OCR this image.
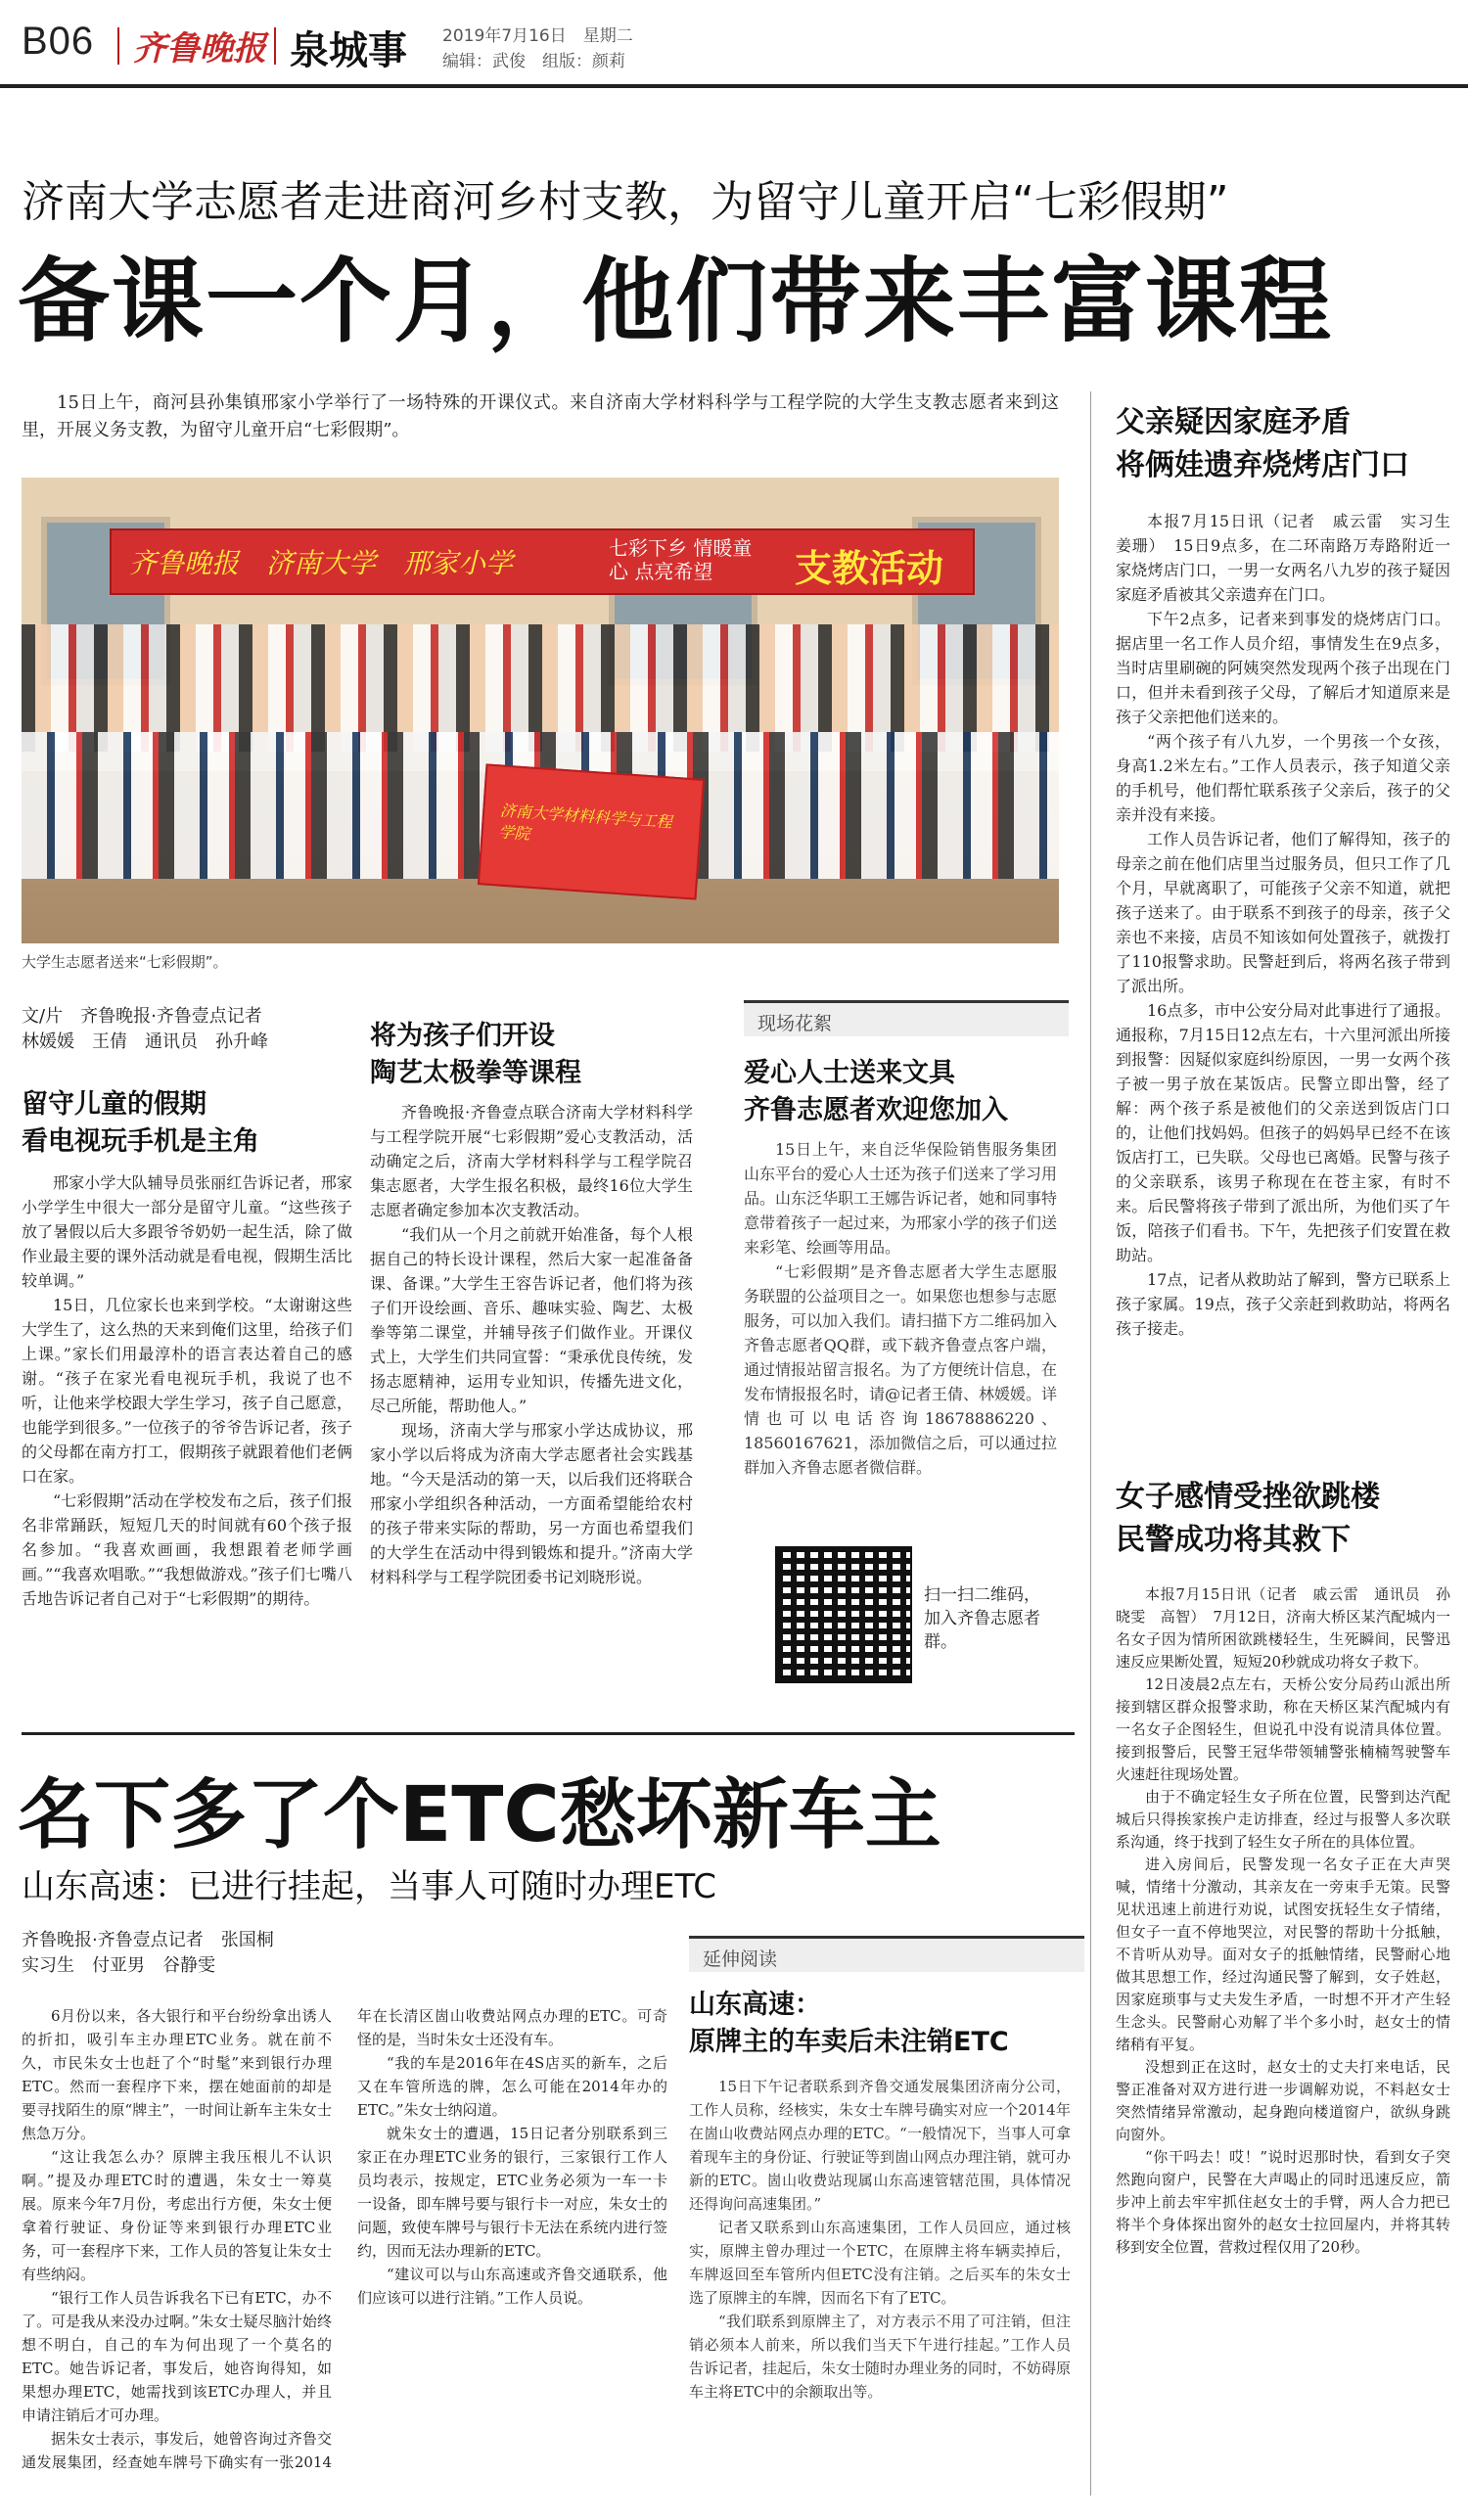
B06 齐鲁晚报 泉城事 2019年7月16日　星期二
编辑：武俊　组版：颜莉
济南大学志愿者走进商河乡村支教，为留守儿童开启“七彩假期”
备课一个月，他们带来丰富课程

15日上午，商河县孙集镇邢家小学举行了一场特殊的开课仪式。来自济南大学材料科学与工程学院的大学生支教志愿者来到这里，开展义务支教，为留守儿童开启“七彩假期”。

齐鲁晚报　济南大学　邢家小学	七彩下乡 情暖童心 点亮希望	支教活动
济南大学材料科学与工程学院
大学生志愿者送来“七彩假期”。
文/片　齐鲁晚报·齐鲁壹点记者
林媛媛　王倩　通讯员　孙升峰
留守儿童的假期
看电视玩手机是主角

邢家小学大队辅导员张丽红告诉记者，邢家小学学生中很大一部分是留守儿童。“这些孩子放了暑假以后大多跟爷爷奶奶一起生活，除了做作业最主要的课外活动就是看电视，假期生活比较单调。”

15日，几位家长也来到学校。“太谢谢这些大学生了，这么热的天来到俺们这里，给孩子们上课。”家长们用最淳朴的语言表达着自己的感谢。“孩子在家光看电视玩手机，我说了也不听，让他来学校跟大学生学习，孩子自己愿意，也能学到很多。”一位孩子的爷爷告诉记者，孩子的父母都在南方打工，假期孩子就跟着他们老俩口在家。

“七彩假期”活动在学校发布之后，孩子们报名非常踊跃，短短几天的时间就有60个孩子报名参加。“我喜欢画画，我想跟着老师学画画。”“我喜欢唱歌。”“我想做游戏。”孩子们七嘴八舌地告诉记者自己对于“七彩假期”的期待。

将为孩子们开设
陶艺太极拳等课程

齐鲁晚报·齐鲁壹点联合济南大学材料科学与工程学院开展“七彩假期”爱心支教活动，活动确定之后，济南大学材料科学与工程学院召集志愿者，大学生报名积极，最终16位大学生志愿者确定参加本次支教活动。

“我们从一个月之前就开始准备，每个人根据自己的特长设计课程，然后大家一起准备备课、备课。”大学生王容告诉记者，他们将为孩子们开设绘画、音乐、趣味实验、陶艺、太极拳等第二课堂，并辅导孩子们做作业。开课仪式上，大学生们共同宣誓：“秉承优良传统，发扬志愿精神，运用专业知识，传播先进文化，尽己所能，帮助他人。”

现场，济南大学与邢家小学达成协议，邢家小学以后将成为济南大学志愿者社会实践基地。“今天是活动的第一天，以后我们还将联合邢家小学组织各种活动，一方面希望能给农村的孩子带来实际的帮助，另一方面也希望我们的大学生在活动中得到锻炼和提升。”济南大学材料科学与工程学院团委书记刘晓形说。

现场花絮
爱心人士送来文具
齐鲁志愿者欢迎您加入

15日上午，来自泛华保险销售服务集团山东平台的爱心人士还为孩子们送来了学习用品。山东泛华职工王娜告诉记者，她和同事特意带着孩子一起过来，为邢家小学的孩子们送来彩笔、绘画等用品。

“七彩假期”是齐鲁志愿者大学生志愿服务联盟的公益项目之一。如果您也想参与志愿服务，可以加入我们。请扫描下方二维码加入齐鲁志愿者QQ群，或下载齐鲁壹点客户端，通过情报站留言报名。为了方便统计信息，在发布情报报名时，请@记者王倩、林媛媛。详情也可以电话咨询18678886220、18560167621，添加微信之后，可以通过拉群加入齐鲁志愿者微信群。

扫一扫二维码，加入齐鲁志愿者群。
父亲疑因家庭矛盾
将俩娃遗弃烧烤店门口

本报7月15日讯（记者　戚云雷　实习生　姜珊）　15日9点多，在二环南路万寿路附近一家烧烤店门口，一男一女两名八九岁的孩子疑因家庭矛盾被其父亲遗弃在门口。

下午2点多，记者来到事发的烧烤店门口。据店里一名工作人员介绍，事情发生在9点多，当时店里刷碗的阿姨突然发现两个孩子出现在门口，但并未看到孩子父母，了解后才知道原来是孩子父亲把他们送来的。

“两个孩子有八九岁，一个男孩一个女孩，身高1.2米左右。”工作人员表示，孩子知道父亲的手机号，他们帮忙联系孩子父亲后，孩子的父亲并没有来接。

工作人员告诉记者，他们了解得知，孩子的母亲之前在他们店里当过服务员，但只工作了几个月，早就离职了，可能孩子父亲不知道，就把孩子送来了。由于联系不到孩子的母亲，孩子父亲也不来接，店员不知该如何处置孩子，就拨打了110报警求助。民警赶到后，将两名孩子带到了派出所。

16点多，市中公安分局对此事进行了通报。通报称，7月15日12点左右，十六里河派出所接到报警：因疑似家庭纠纷原因，一男一女两个孩子被一男子放在某饭店。民警立即出警，经了解：两个孩子系是被他们的父亲送到饭店门口的，让他们找妈妈。但孩子的妈妈早已经不在该饭店打工，已失联。父母也已离婚。民警与孩子的父亲联系，该男子称现在在苍主家，有时不来。后民警将孩子带到了派出所，为他们买了午饭，陪孩子们看书。下午，先把孩子们安置在救助站。

17点，记者从救助站了解到，警方已联系上孩子家属。19点，孩子父亲赶到救助站，将两名孩子接走。

女子感情受挫欲跳楼
民警成功将其救下

本报7月15日讯（记者　戚云雷　通讯员　孙晓雯　高智）　7月12日，济南大桥区某汽配城内一名女子因为情所困欲跳楼轻生，生死瞬间，民警迅速反应果断处置，短短20秒就成功将女子救下。

12日凌晨2点左右，天桥公安分局药山派出所接到辖区群众报警求助，称在天桥区某汽配城内有一名女子企图轻生，但说孔中没有说清具体位置。接到报警后，民警王冠华带领辅警张楠楠驾驶警车火速赶往现场处置。

由于不确定轻生女子所在位置，民警到达汽配城后只得挨家挨户走访排查，经过与报警人多次联系沟通，终于找到了轻生女子所在的具体位置。

进入房间后，民警发现一名女子正在大声哭喊，情绪十分激动，其亲友在一旁束手无策。民警见状迅速上前进行劝说，试图安抚轻生女子情绪，但女子一直不停地哭泣，对民警的帮助十分抵触，不肯听从劝导。面对女子的抵触情绪，民警耐心地做其思想工作，经过沟通民警了解到，女子姓赵，因家庭琐事与丈夫发生矛盾，一时想不开才产生轻生念头。民警耐心劝解了半个多小时，赵女士的情绪稍有平复。

没想到正在这时，赵女士的丈夫打来电话，民警正准备对双方进行进一步调解劝说，不料赵女士突然情绪异常激动，起身跑向楼道窗户，欲纵身跳向窗外。

“你干吗去！哎！”说时迟那时快，看到女子突然跑向窗户，民警在大声喝止的同时迅速反应，箭步冲上前去牢牢抓住赵女士的手臂，两人合力把已将半个身体探出窗外的赵女士拉回屋内，并将其转移到安全位置，营救过程仅用了20秒。

名下多了个ETC愁坏新车主
山东高速：已进行挂起，当事人可随时办理ETC
齐鲁晚报·齐鲁壹点记者　张国桐
实习生　付亚男　谷静雯

6月份以来，各大银行和平台纷纷拿出诱人的折扣，吸引车主办理ETC业务。就在前不久，市民朱女士也赶了个“时髦”来到银行办理ETC。然而一套程序下来，摆在她面前的却是要寻找陌生的原“牌主”，一时间让新车主朱女士焦急万分。

“这让我怎么办？原牌主我压根儿不认识啊。”提及办理ETC时的遭遇，朱女士一筹莫展。原来今年7月份，考虑出行方便，朱女士便拿着行驶证、身份证等来到银行办理ETC业务，可一套程序下来，工作人员的答复让朱女士有些纳闷。

“银行工作人员告诉我名下已有ETC，办不了。可是我从来没办过啊。”朱女士疑尽脑汁始终想不明白，自己的车为何出现了一个莫名的ETC。她告诉记者，事发后，她咨询得知，如果想办理ETC，她需找到该ETC办理人，并且申请注销后才可办理。

据朱女士表示，事发后，她曾咨询过齐鲁交通发展集团，经查她车牌号下确实有一张2014年在长清区崮山收费站网点办理的ETC。可奇怪的是，当时朱女士还没有车。

“我的车是2016年在4S店买的新车，之后又在车管所选的牌，怎么可能在2014年办的ETC。”朱女士纳闷道。

就朱女士的遭遇，15日记者分别联系到三家正在办理ETC业务的银行，三家银行工作人员均表示，按规定，ETC业务必须为一车一卡一设备，即车牌号要与银行卡一对应，朱女士的问题，致使车牌号与银行卡无法在系统内进行签约，因而无法办理新的ETC。

“建议可以与山东高速或齐鲁交通联系，他们应该可以进行注销。”工作人员说。

延伸阅读
山东高速：
原牌主的车卖后未注销ETC

15日下午记者联系到齐鲁交通发展集团济南分公司，工作人员称，经核实，朱女士车牌号确实对应一个2014年在崮山收费站网点办理的ETC。“一般情况下，当事人可拿着现车主的身份证、行驶证等到崮山网点办理注销，就可办新的ETC。崮山收费站现属山东高速管辖范围，具体情况还得询问高速集团。”

记者又联系到山东高速集团，工作人员回应，通过核实，原牌主曾办理过一个ETC，在原牌主将车辆卖掉后，车牌返回至车管所内但ETC没有注销。之后买车的朱女士选了原牌主的车牌，因而名下有了ETC。

“我们联系到原牌主了，对方表示不用了可注销，但注销必须本人前来，所以我们当天下午进行挂起。”工作人员告诉记者，挂起后，朱女士随时办理业务的同时，不妨碍原车主将ETC中的余额取出等。
